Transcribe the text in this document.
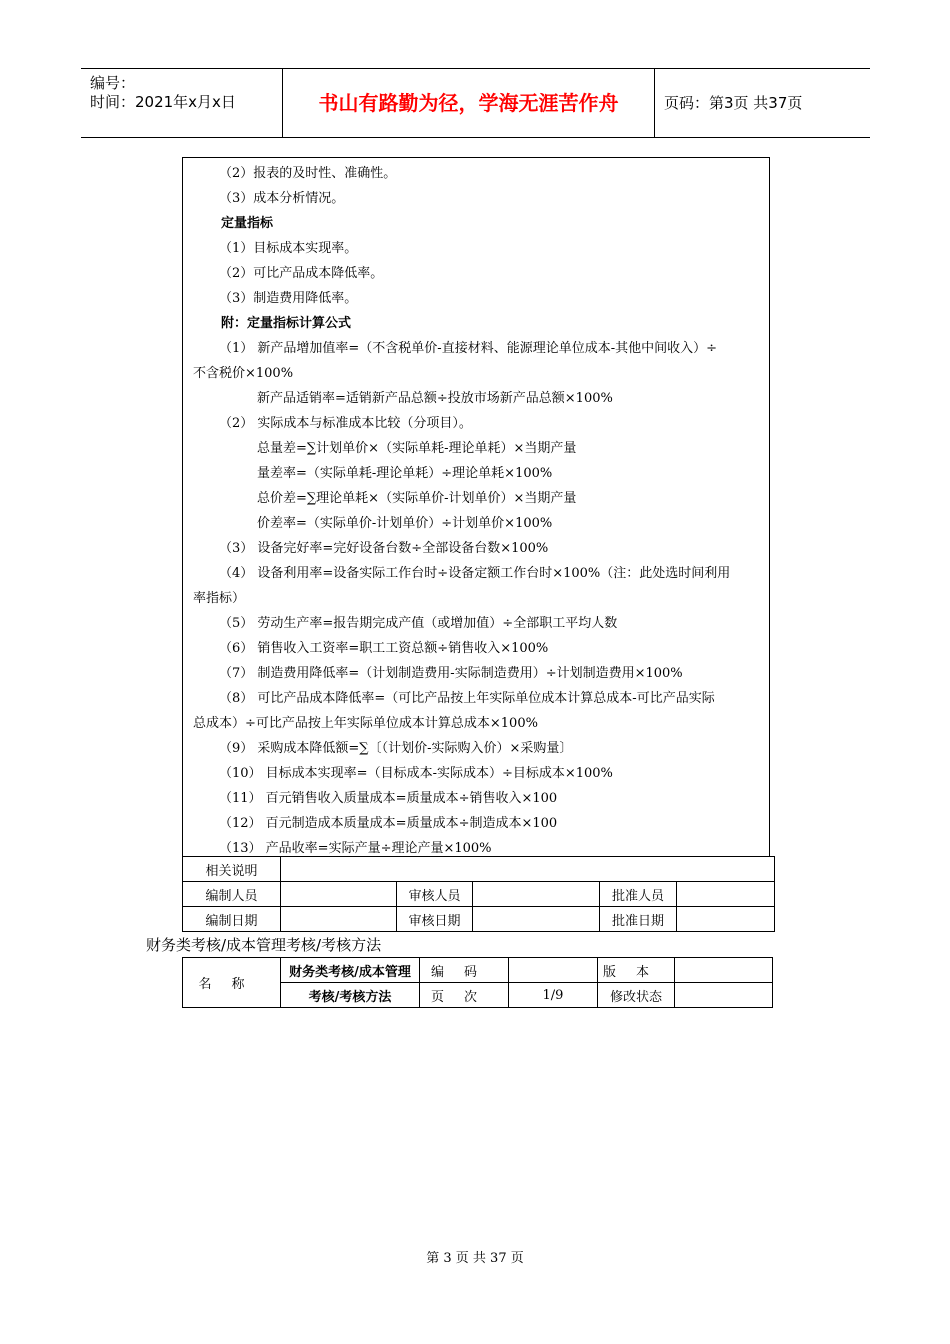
编号：
时间：2021年x月x日	书山有路勤为径，学海无涯苦作舟	页码：第3页 共37页
（2）报表的及时性、准确性。
（3）成本分析情况。
定量指标
（1）目标成本实现率。
（2）可比产品成本降低率。
（3）制造费用降低率。
附：定量指标计算公式
（1） 新产品增加值率=（不含税单价-直接材料、能源理论单位成本-其他中间收入）÷
不含税价×100%
新产品适销率=适销新产品总额÷投放市场新产品总额×100%
（2） 实际成本与标准成本比较（分项目）。
总量差=∑计划单价×（实际单耗-理论单耗）×当期产量
量差率=（实际单耗-理论单耗）÷理论单耗×100%
总价差=∑理论单耗×（实际单价-计划单价）×当期产量
价差率=（实际单价-计划单价）÷计划单价×100%
（3） 设备完好率=完好设备台数÷全部设备台数×100%
（4） 设备利用率=设备实际工作台时÷设备定额工作台时×100%（注：此处选时间利用
率指标）
（5） 劳动生产率=报告期完成产值（或增加值）÷全部职工平均人数
（6） 销售收入工资率=职工工资总额÷销售收入×100%
（7） 制造费用降低率=（计划制造费用-实际制造费用）÷计划制造费用×100%
（8） 可比产品成本降低率=（可比产品按上年实际单位成本计算总成本-可比产品实际
总成本）÷可比产品按上年实际单位成本计算总成本×100%
（9） 采购成本降低额=∑〔（计划价-实际购入价）×采购量〕
（10） 目标成本实现率=（目标成本-实际成本）÷目标成本×100%
（11） 百元销售收入质量成本=质量成本÷销售收入×100
（12） 百元制造成本质量成本=质量成本÷制造成本×100
（13） 产品收率=实际产量÷理论产量×100%
相关说明					
编制人员		审核人员		批准人员	
编制日期		审核日期		批准日期	
财务类考核/成本管理考核/考核方法
名称	财务类考核/成本管理	编码		版本	
	考核/考核方法	页次	1/9	修改状态	
第 3 页 共 37 页
